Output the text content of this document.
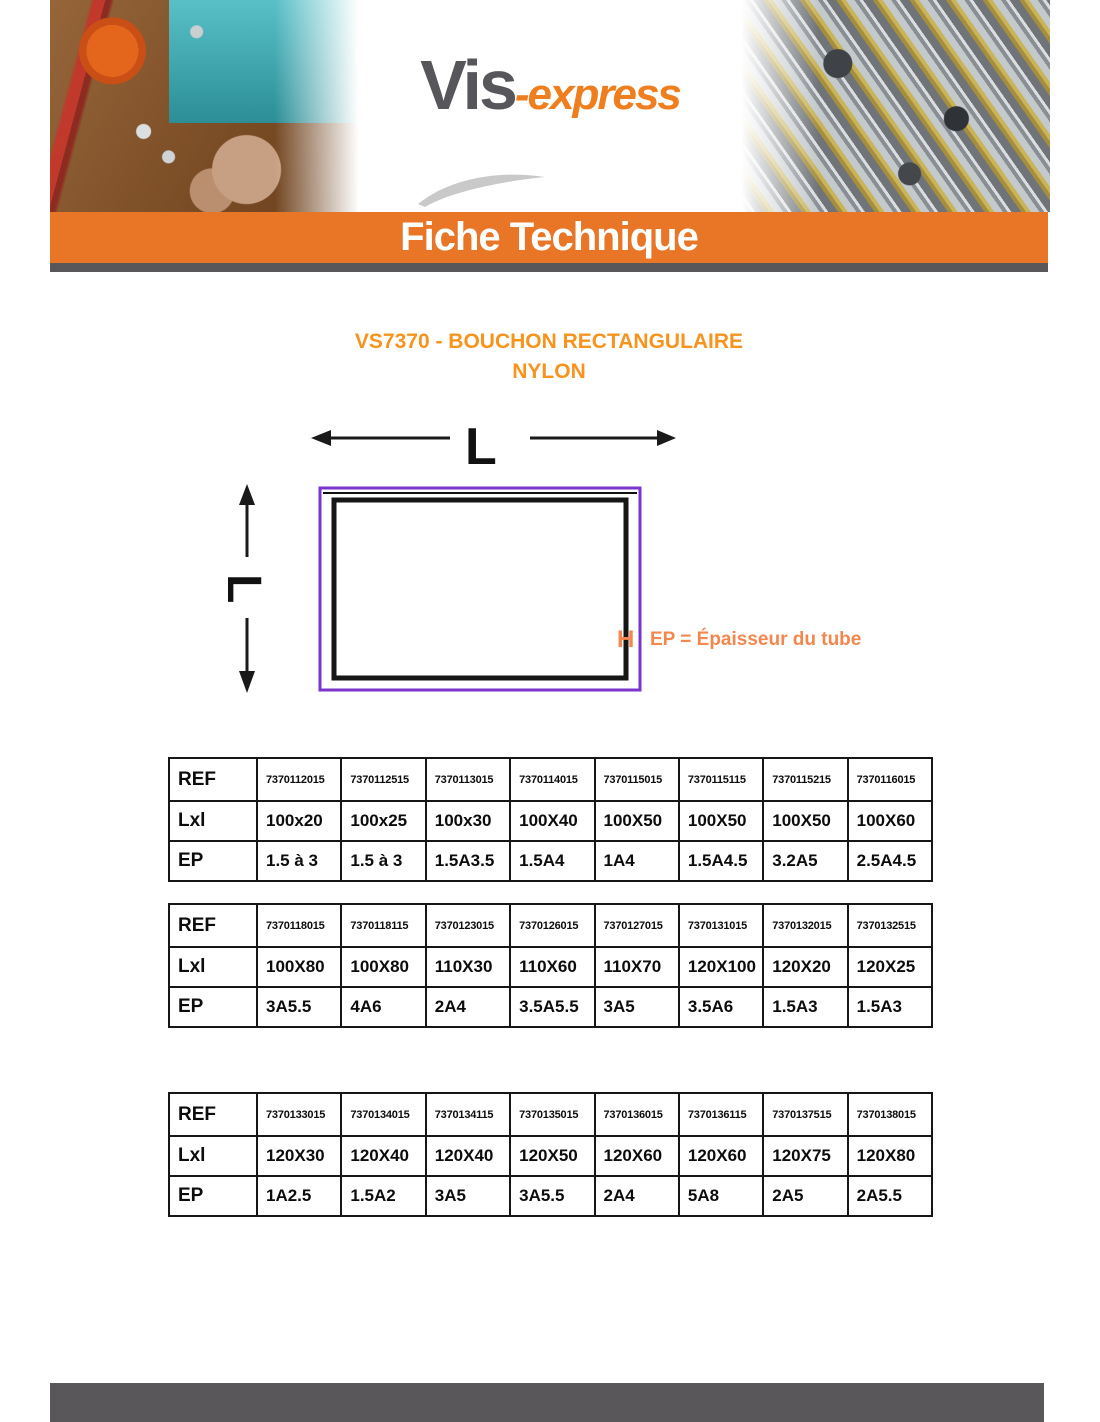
Vis -express
Fiche Technique
VS7370 - BOUCHON RECTANGULAIRE
NYLON
L
L
H EP = Épaisseur du tube
REF	7370112015	7370112515	7370113015	7370114015	7370115015	7370115115	7370115215	7370116015
Lxl	100x20	100x25	100x30	100X40	100X50	100X50	100X50	100X60
EP	1.5 à 3	1.5 à 3	1.5A3.5	1.5A4	1A4	1.5A4.5	3.2A5	2.5A4.5
REF	7370118015	7370118115	7370123015	7370126015	7370127015	7370131015	7370132015	7370132515
Lxl	100X80	100X80	110X30	110X60	110X70	120X100	120X20	120X25
EP	3A5.5	4A6	2A4	3.5A5.5	3A5	3.5A6	1.5A3	1.5A3
REF	7370133015	7370134015	7370134115	7370135015	7370136015	7370136115	7370137515	7370138015
Lxl	120X30	120X40	120X40	120X50	120X60	120X60	120X75	120X80
EP	1A2.5	1.5A2	3A5	3A5.5	2A4	5A8	2A5	2A5.5
